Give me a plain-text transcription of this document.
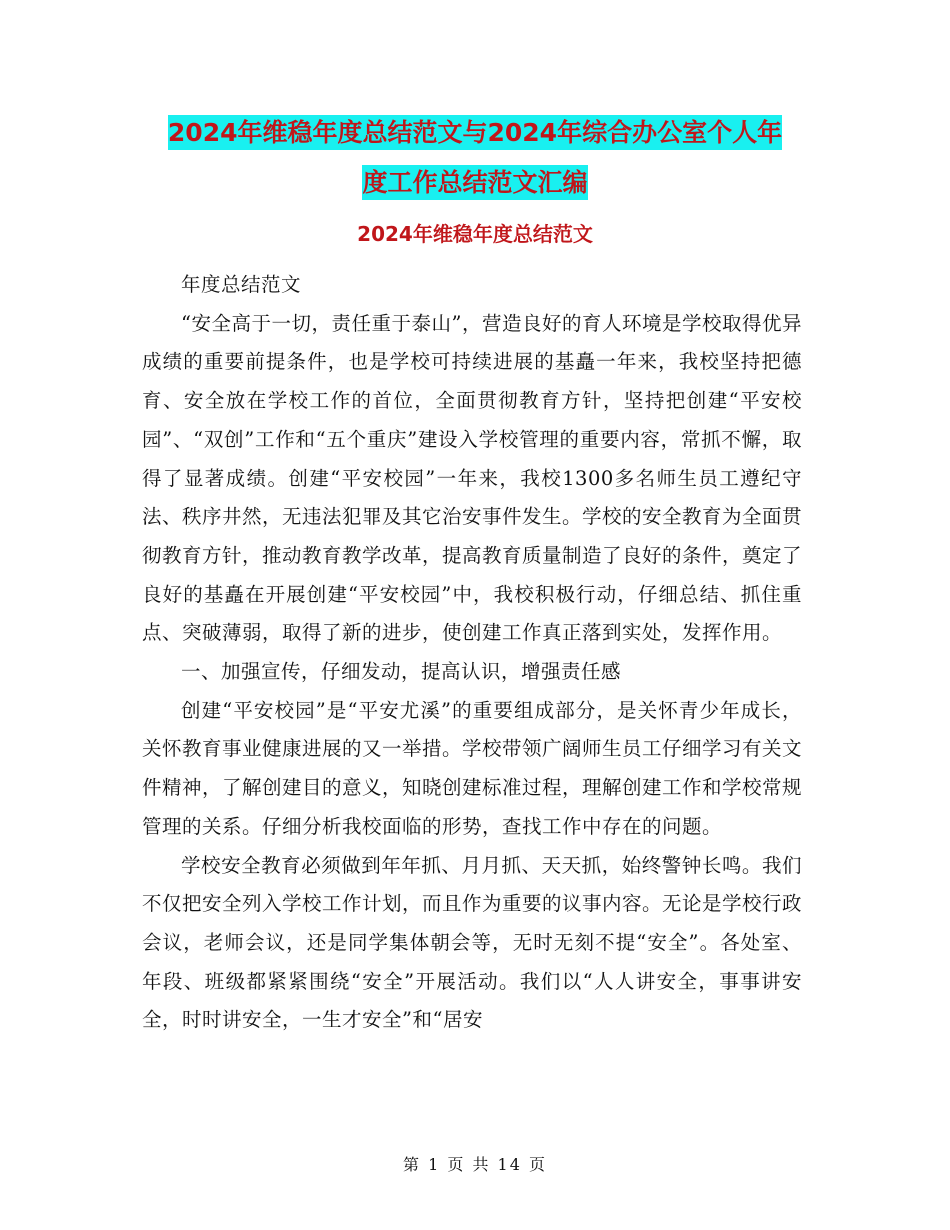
2024年维稳年度总结范文与2024年综合办公室个人年
度工作总结范文汇编
2024年维稳年度总结范文

年度总结范文

“安全高于一切，责任重于泰山”，营造良好的育人环境是学校取得优异成绩的重要前提条件，也是学校可持续进展的基矗一年来，我校坚持把德育、安全放在学校工作的首位，全面贯彻教育方针，坚持把创建“平安校园”、“双创”工作和“五个重庆”建设入学校管理的重要内容，常抓不懈，取得了显著成绩。创建“平安校园”一年来，我校1300多名师生员工遵纪守法、秩序井然，无违法犯罪及其它治安事件发生。学校的安全教育为全面贯彻教育方针，推动教育教学改革，提高教育质量制造了良好的条件，奠定了良好的基矗在开展创建“平安校园”中，我校积极行动，仔细总结、抓住重点、突破薄弱，取得了新的进步，使创建工作真正落到实处，发挥作用。

一、加强宣传，仔细发动，提高认识，增强责任感

创建“平安校园”是“平安尤溪”的重要组成部分，是关怀青少年成长，关怀教育事业健康进展的又一举措。学校带领广阔师生员工仔细学习有关文件精神，了解创建目的意义，知晓创建标准过程，理解创建工作和学校常规管理的关系。仔细分析我校面临的形势，查找工作中存在的问题。

学校安全教育必须做到年年抓、月月抓、天天抓，始终警钟长鸣。我们不仅把安全列入学校工作计划，而且作为重要的议事内容。无论是学校行政会议，老师会议，还是同学集体朝会等，无时无刻不提“安全”。各处室、年段、班级都紧紧围绕“安全”开展活动。我们以“人人讲安全，事事讲安全，时时讲安全，一生才安全”和“居安

第 1 页 共 14 页
